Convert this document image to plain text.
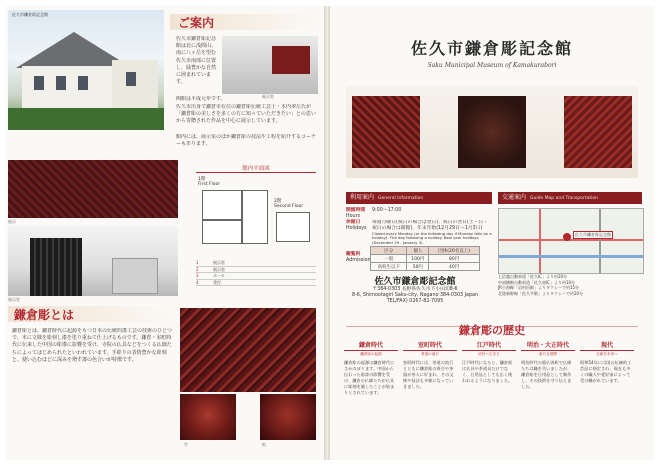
佐久市鎌倉彫記念館
ご案内
佐久市鎌倉彫記念館は北に浅間山、南に八ヶ岳を望む佐久市南部に位置し、緑豊かな自然に囲まれています。
展示室
開館は平成元年です。
佐久市出身で鎌倉市在住の鎌倉彫伝統工芸士・木内翠岳氏が「鎌倉彫の美しさを多くの方に知っていただきたい」との思いから寄贈された作品を中心に展示しています。
館内には、展示室のほか鎌倉彫の技法や工程を紹介するコーナーもあります。
展示
展示室
館内平面図
1階
First Floor
2階
Second Floor
1	展示室
2	展示室
3	ホール
4	受付
鎌倉彫とは
鎌倉彫とは、鎌倉時代に起源をもつ日本の伝統的漆工芸の技術のひとつで、木に文様を彫刻し漆を塗り重ねて仕上げるものです。鎌倉・室町時代に伝来した中国の彫漆に影響を受け、寺院の仏具などをつくる仏師たちによってはじめられたといわれています。手彫りの表情豊かな彫刻と、使い込むほどに深みを増す漆の色合いが特徴です。
竹	松
佐久市鎌倉彫記念館
Saku Municipal Museum of Kamakurabori
利用案内 General Information
開館時間
Hours
9:00〜17:00
休館日
Holidays
毎週月曜日(祝日の場合は翌日)、祝日の翌日(土・日・祝日の場合は開館)、年末年始(12月29日〜1月3日)
Closed every Monday (or the following day if Monday falls on a holiday). The day following a holiday. New year holidays (December 29 - January 3).
観覧料
Admission
区分	個人	団体(20名以上)
一般	100円	80円
高校生以下	50円	40円
交通案内 Guide Map and Transportation
佐久市鎌倉彫記念館
上信越自動車道「佐久IC」より約20分
中部横断自動車道「佐久南IC」より約10分
JR小海線「岩村田駅」よりタクシーで約15分
北陸新幹線「佐久平駅」よりタクシーで約20分
佐久市鎌倉彫記念館
〒384-0303 長野県佐久市下小田切8-6
8-6, Shimootagiri Saku-city, Nagano 384-0303 Japan
TEL/FAX) 0267-82-7095
鎌倉彫の歴史
鎌倉時代
鎌倉彫の起源
鎌倉彫の起源は鎌倉時代にさかのぼります。中国から伝わった彫漆の影響を受け、鎌倉の仏師たちが仏具に彫刻を施したことが始まりとされています。
室町時代
茶道の流行
室町時代には、茶道の流行とともに鎌倉彫の香合や茶器が茶人に好まれ、その文様や技法も多様になっていきました。
江戸時代
庶民へ広まる
江戸時代になると、鎌倉彫は仏具や茶道具だけでなく、日用品としても広く使われるようになりました。
明治・大正時代
新たな展開
明治時代の廃仏毀釈で仏師たちは職を失いましたが、鎌倉彫を日用品として制作し、その技術を守り伝えました。
現代
伝統を未来へ
昭和54年には国の伝統的工芸品に指定され、現在も多くの職人や愛好家によって受け継がれています。
